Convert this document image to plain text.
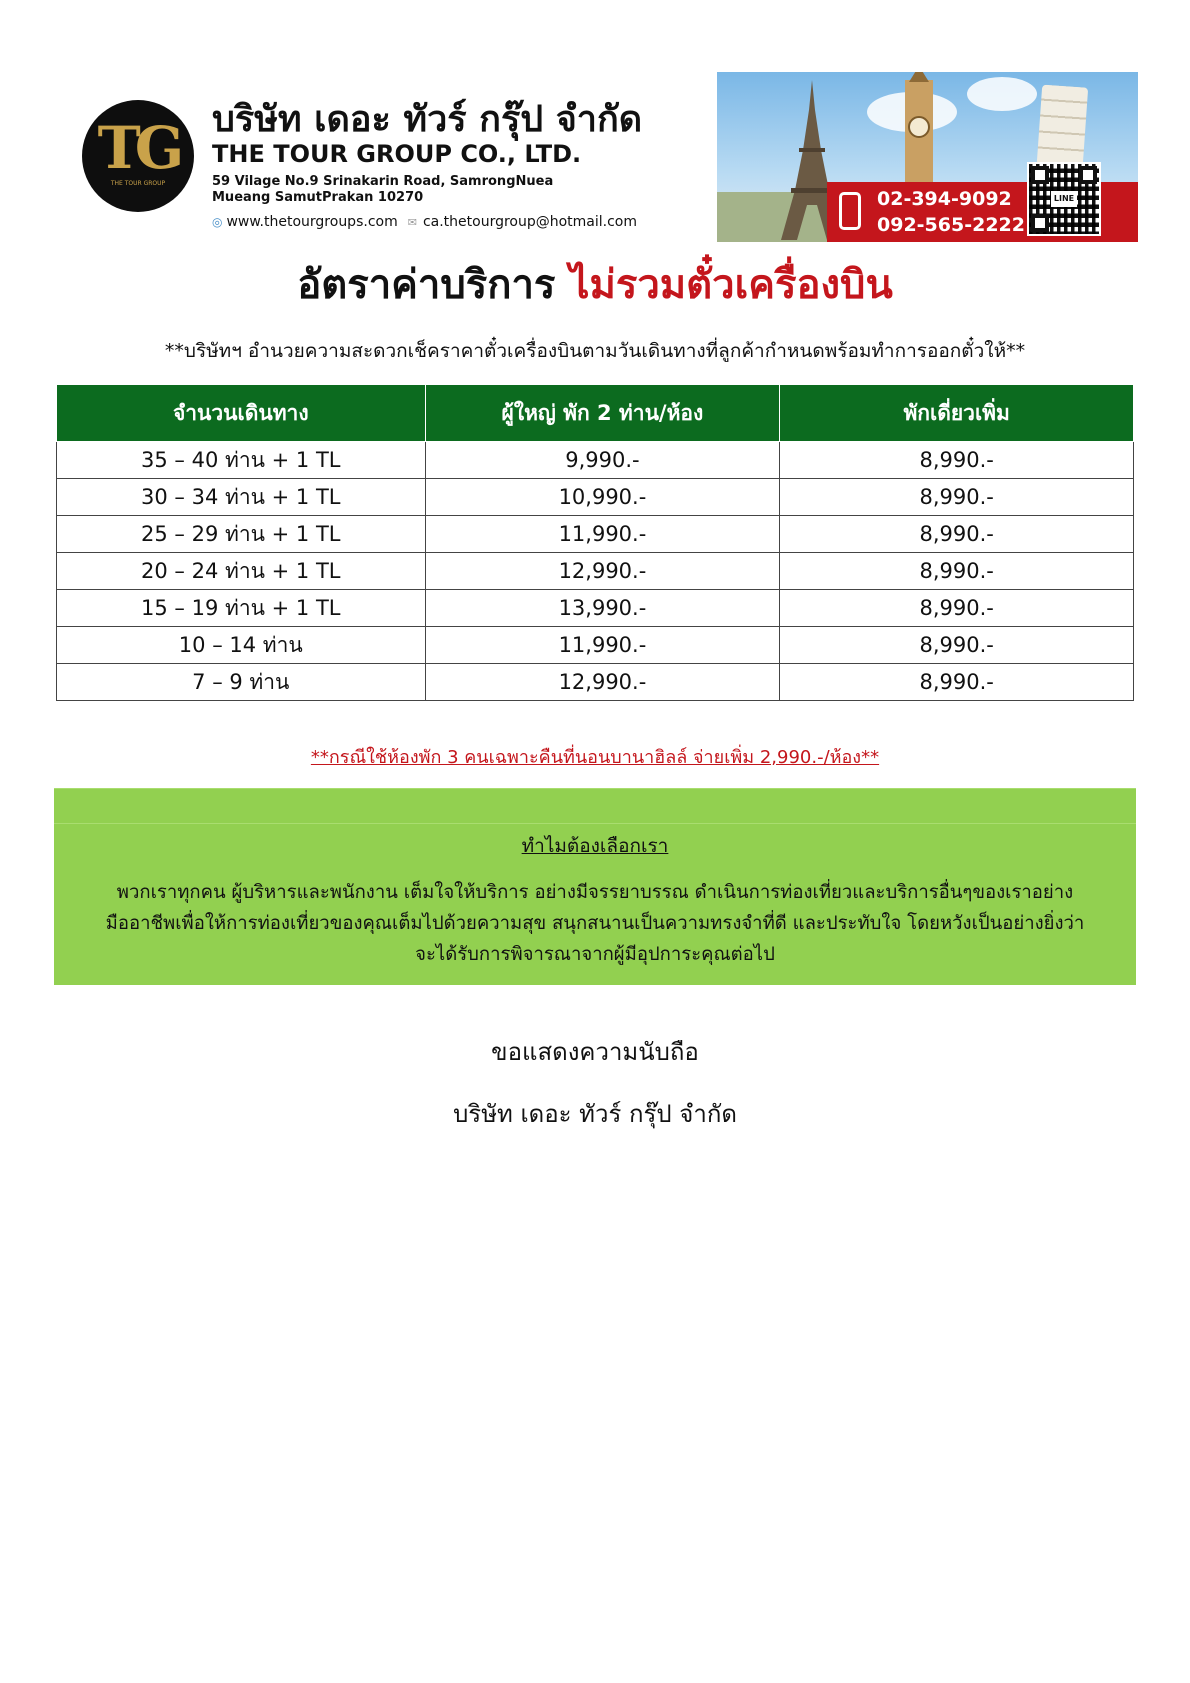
TG
THE TOUR GROUP
บริษัท เดอะ ทัวร์ กรุ๊ป จำกัด
THE TOUR GROUP CO., LTD.
59 Vilage No.9 Srinakarin Road, SamrongNuea
Mueang SamutPrakan 10270
◎ www.thetourgroups.com ✉ ca.thetourgroup@hotmail.com
02-394-9092
092-565-2222
LINE
อัตราค่าบริการ ไม่รวมตั๋วเครื่องบิน
**บริษัทฯ อำนวยความสะดวกเช็คราคาตั๋วเครื่องบินตามวันเดินทางที่ลูกค้ากำหนดพร้อมทำการออกตั๋วให้**
จำนวนเดินทาง	ผู้ใหญ่ พัก 2 ท่าน/ห้อง	พักเดี่ยวเพิ่ม
35 – 40 ท่าน + 1 TL	9,990.-	8,990.-
30 – 34 ท่าน + 1 TL	10,990.-	8,990.-
25 – 29 ท่าน + 1 TL	11,990.-	8,990.-
20 – 24 ท่าน + 1 TL	12,990.-	8,990.-
15 – 19 ท่าน + 1 TL	13,990.-	8,990.-
10 – 14 ท่าน	11,990.-	8,990.-
7 – 9 ท่าน	12,990.-	8,990.-
**กรณีใช้ห้องพัก 3 คนเฉพาะคืนที่นอนบานาฮิลล์ จ่ายเพิ่ม 2,990.-/ห้อง**
ทำไมต้องเลือกเรา
พวกเราทุกคน ผู้บริหารและพนักงาน เต็มใจให้บริการ อย่างมีจรรยาบรรณ ดำเนินการท่องเที่ยวและบริการอื่นๆของเราอย่าง
มืออาชีพเพื่อให้การท่องเที่ยวของคุณเต็มไปด้วยความสุข สนุกสนานเป็นความทรงจำที่ดี และประทับใจ โดยหวังเป็นอย่างยิ่งว่า
จะได้รับการพิจารณาจากผู้มีอุปการะคุณต่อไป
ขอแสดงความนับถือ
บริษัท เดอะ ทัวร์ กรุ๊ป จำกัด
